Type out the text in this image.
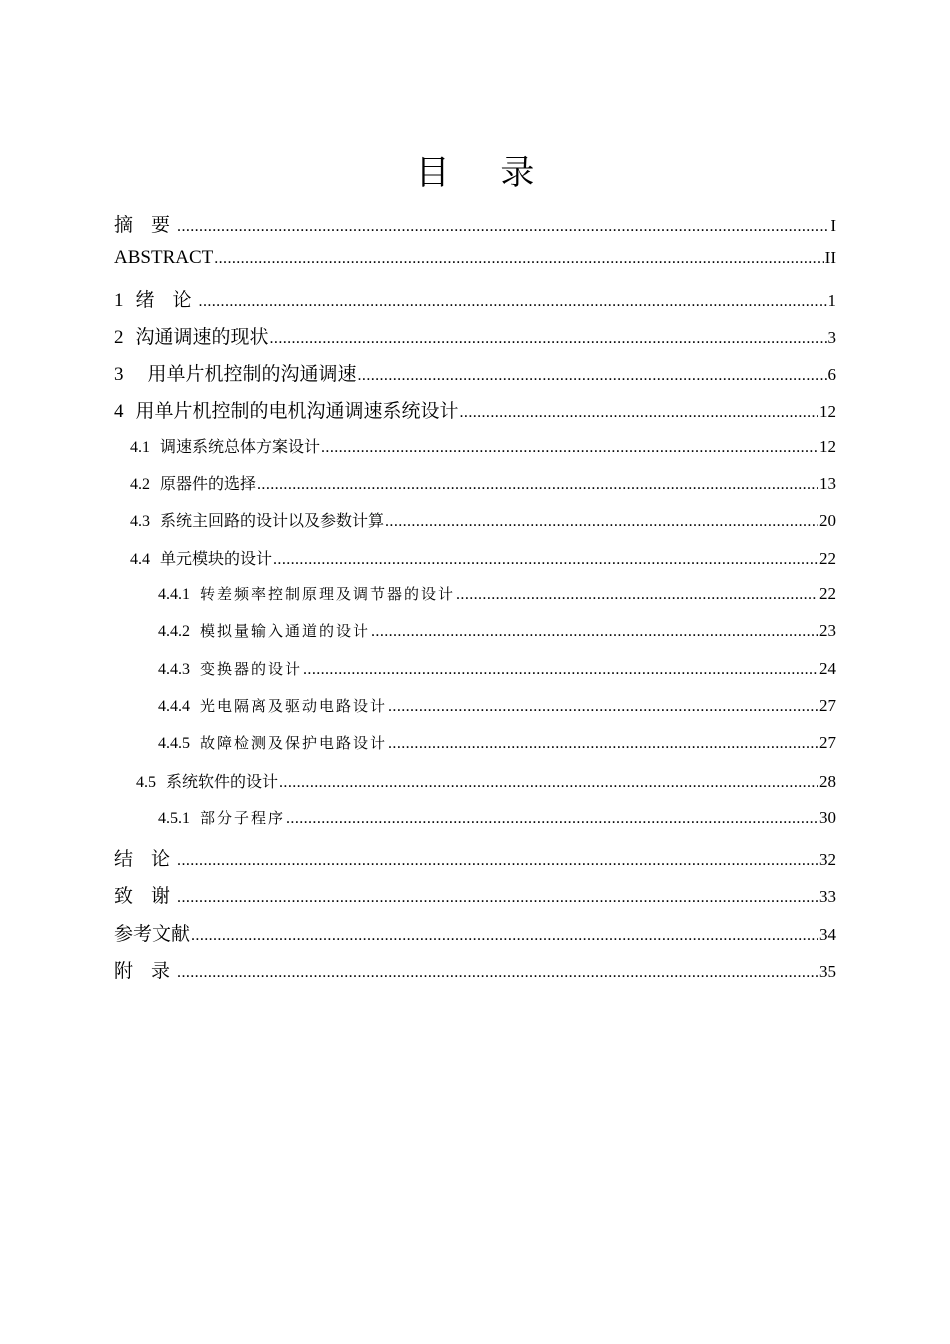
目 录
摘 要 .....	I
ABSTRACT .....	II
1 绪 论 .....	1
2 沟通调速的现状 .....	3
3 用单片机控制的沟通调速 .....	6
4 用单片机控制的电机沟通调速系统设计 .....	12
4.1 调速系统总体方案设计 .....	12
4.2 原器件的选择 .....	13
4.3 系统主回路的设计以及参数计算 .....	20
4.4 单元模块的设计 .....	22
4.4.1 转差频率控制原理及调节器的设计 .....	22
4.4.2 模拟量输入通道的设计 .....	23
4.4.3 变换器的设计 .....	24
4.4.4 光电隔离及驱动电路设计 .....	27
4.4.5 故障检测及保护电路设计 .....	27
4.5 系统软件的设计 .....	28
4.5.1 部分子程序 .....	30
结 论 .....	32
致 谢 .....	33
参考文献 .....	34
附 录 .....	35
